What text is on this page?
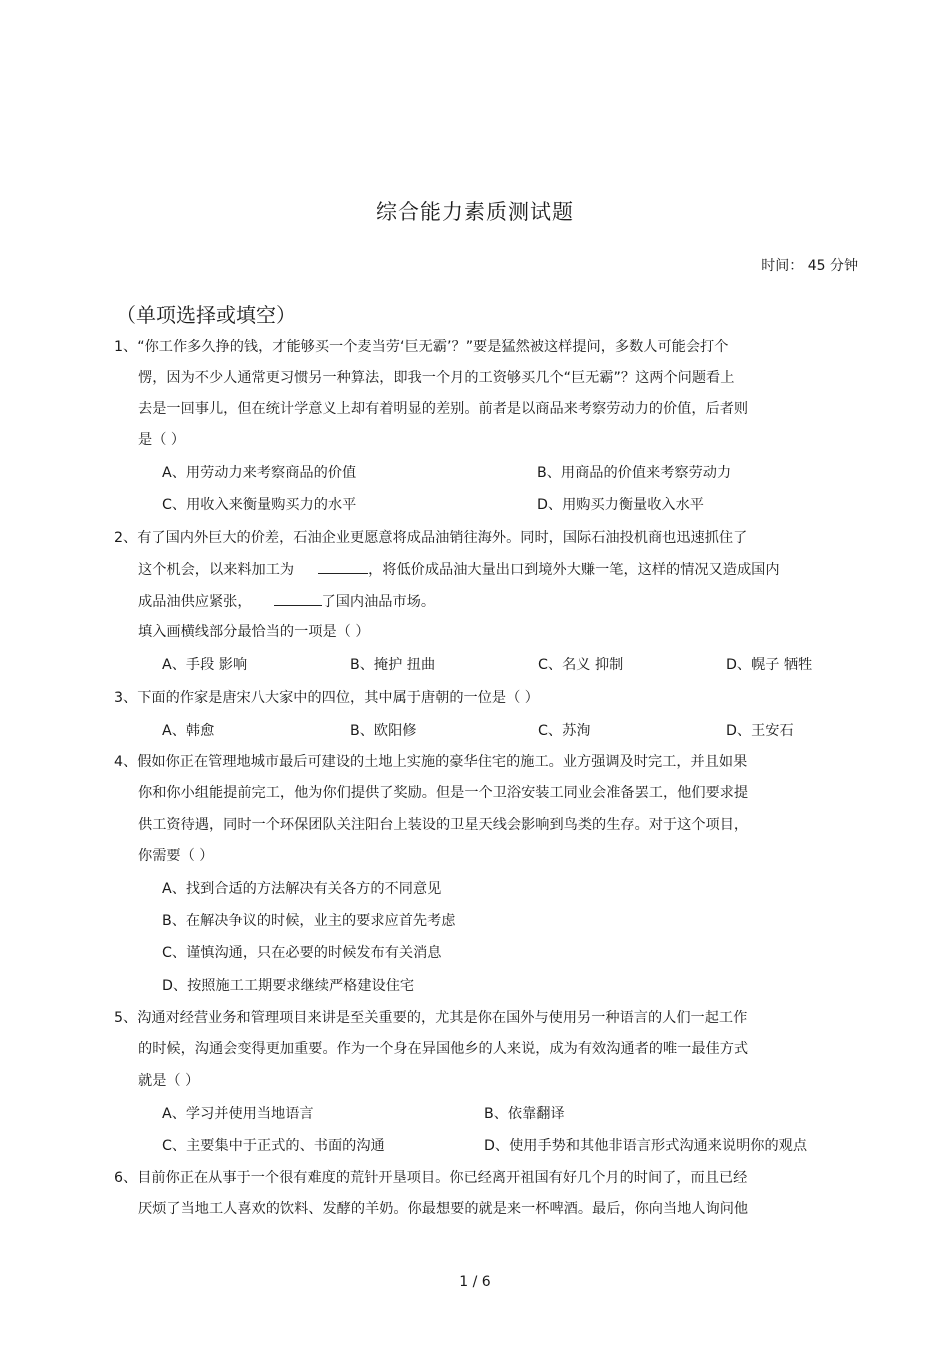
综合能力素质测试题
时间： 45 分钟
（单项选择或填空）
1、“你工作多久挣的钱，才能够买一个麦当劳‘巨无霸’？”要是猛然被这样提问，多数人可能会打个
愣，因为不少人通常更习惯另一种算法，即我一个月的工资够买几个“巨无霸”？这两个问题看上
去是一回事儿，但在统计学意义上却有着明显的差别。前者是以商品来考察劳动力的价值，后者则
是（ ）
A、用劳动力来考察商品的价值	B、用商品的价值来考察劳动力
C、用收入来衡量购买力的水平	D、用购买力衡量收入水平
2、有了国内外巨大的价差，石油企业更愿意将成品油销往海外。同时，国际石油投机商也迅速抓住了
这个机会，以来料加工为	，将低价成品油大量出口到境外大赚一笔，这样的情况又造成国内
成品油供应紧张，	了国内油品市场。
填入画横线部分最恰当的一项是（ ）
A、手段 影响	B、掩护 扭曲	C、名义 抑制	D、幌子 牺牲
3、下面的作家是唐宋八大家中的四位，其中属于唐朝的一位是（ ）
A、韩愈	B、欧阳修	C、苏洵	D、王安石
4、假如你正在管理地城市最后可建设的土地上实施的豪华住宅的施工。业方强调及时完工，并且如果
你和你小组能提前完工，他为你们提供了奖励。但是一个卫浴安装工同业会准备罢工，他们要求提
供工资待遇，同时一个环保团队关注阳台上装设的卫星天线会影响到鸟类的生存。对于这个项目，
你需要（ ）
A、找到合适的方法解决有关各方的不同意见
B、在解决争议的时候，业主的要求应首先考虑
C、谨慎沟通，只在必要的时候发布有关消息
D、按照施工工期要求继续严格建设住宅
5、沟通对经营业务和管理项目来讲是至关重要的，尤其是你在国外与使用另一种语言的人们一起工作
的时候，沟通会变得更加重要。作为一个身在异国他乡的人来说，成为有效沟通者的唯一最佳方式
就是（ ）
A、学习并使用当地语言	B、依靠翻译
C、主要集中于正式的、书面的沟通	D、使用手势和其他非语言形式沟通来说明你的观点
6、目前你正在从事于一个很有难度的荒针开垦项目。你已经离开祖国有好几个月的时间了，而且已经
厌烦了当地工人喜欢的饮料、发酵的羊奶。你最想要的就是来一杯啤酒。最后，你向当地人询问他
1 / 6
